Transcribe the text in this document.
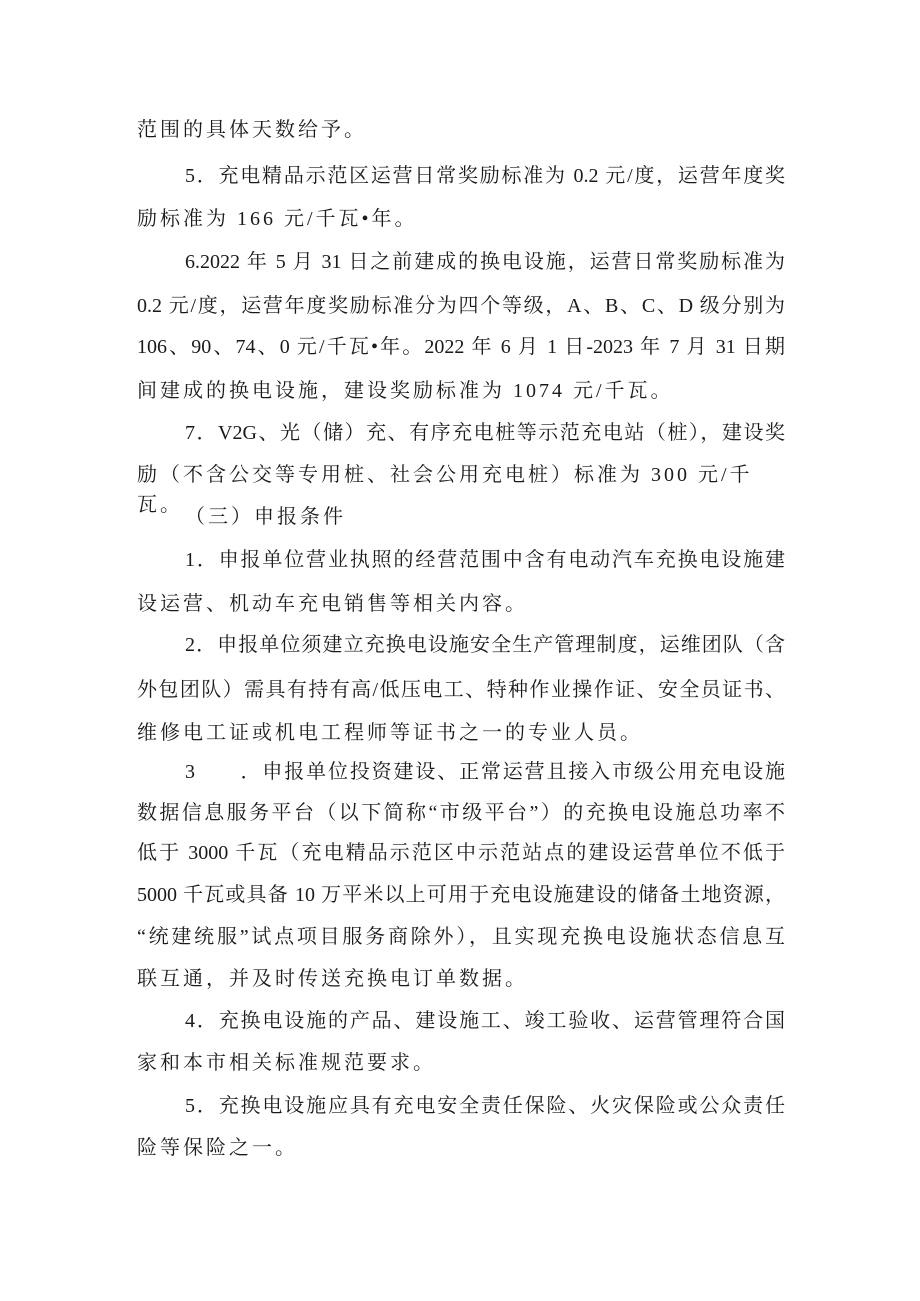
范围的具体天数给予。
5．充电精品示范区运营日常奖励标准为 0.2 元/度，运营年度奖
励标准为 166 元/千瓦•年。
6.2022 年 5 月 31 日之前建成的换电设施，运营日常奖励标准为
0.2 元/度，运营年度奖励标准分为四个等级，A、B、C、D 级分别为
106、90、74、0 元/千瓦•年。2022 年 6 月 1 日-2023 年 7 月 31 日期
间建成的换电设施，建设奖励标准为 1074 元/千瓦。
7．V2G、光（储）充、有序充电桩等示范充电站（桩），建设奖
励（不含公交等专用桩、社会公用充电桩）标准为 300 元/千瓦。
（三）申报条件
1．申报单位营业执照的经营范围中含有电动汽车充换电设施建
设运营、机动车充电销售等相关内容。
2．申报单位须建立充换电设施安全生产管理制度，运维团队（含
外包团队）需具有持有高/低压电工、特种作业操作证、安全员证书、
维修电工证或机电工程师等证书之一的专业人员。
3　　．申报单位投资建设、正常运营且接入市级公用充电设施
数据信息服务平台（以下简称“市级平台”）的充换电设施总功率不
低于 3000 千瓦（充电精品示范区中示范站点的建设运营单位不低于
5000 千瓦或具备 10 万平米以上可用于充电设施建设的储备土地资源，
“统建统服”试点项目服务商除外），且实现充换电设施状态信息互
联互通，并及时传送充换电订单数据。
4．充换电设施的产品、建设施工、竣工验收、运营管理符合国
家和本市相关标准规范要求。
5．充换电设施应具有充电安全责任保险、火灾保险或公众责任
险等保险之一。
